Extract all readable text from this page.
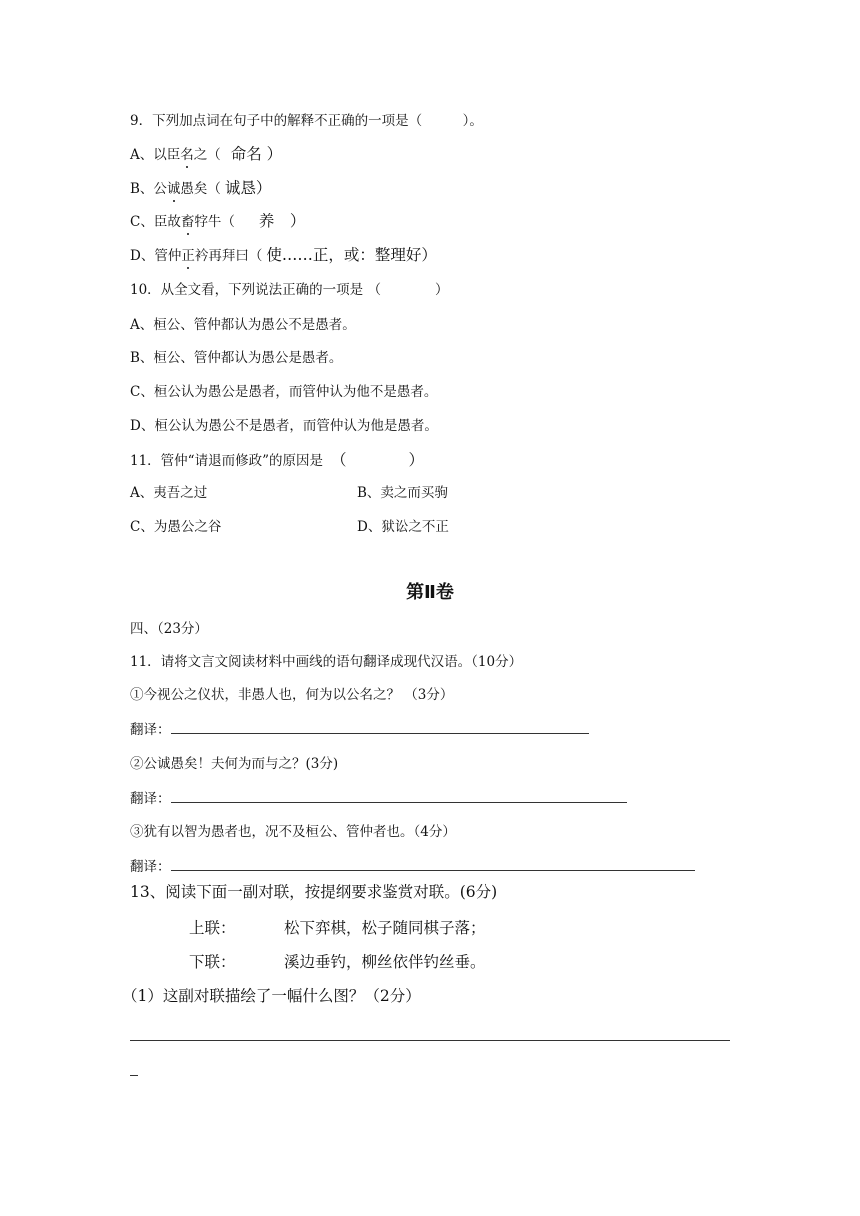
9．下列加点词在句子中的解释不正确的一项是（　　　）。
A、以臣名之（ 命名 ）
B、公诚愚矣（ 诚恳）
C、臣故畜牸牛（ 养　）
D、管仲正衿再拜曰（ 使……正，或：整理好）
10．从全文看，下列说法正确的一项是 （　　　　）
A、桓公、管仲都认为愚公不是愚者。
B、桓公、管仲都认为愚公是愚者。
C、桓公认为愚公是愚者，而管仲认为他不是愚者。
D、桓公认为愚公不是愚者，而管仲认为他是愚者。
11．管仲“请退而修政”的原因是 （　　　　）
A、夷吾之过	B、卖之而买驹
C、为愚公之谷	D、狱讼之不正
第Ⅱ卷
四、（23分）
11．请将文言文阅读材料中画线的语句翻译成现代汉语。（10分）
①今视公之仪状，非愚人也，何为以公名之？ （3分）
翻译：
②公诚愚矣！夫何为而与之？(3分)
翻译：
③犹有以智为愚者也，况不及桓公、管仲者也。（4分）
翻译：
13、阅读下面一副对联，按提纲要求鉴赏对联。(6分)
上联：	松下弈棋，松子随同棋子落；
下联：	溪边垂钓，柳丝依伴钓丝垂。
（1）这副对联描绘了一幅什么图？（2分）
